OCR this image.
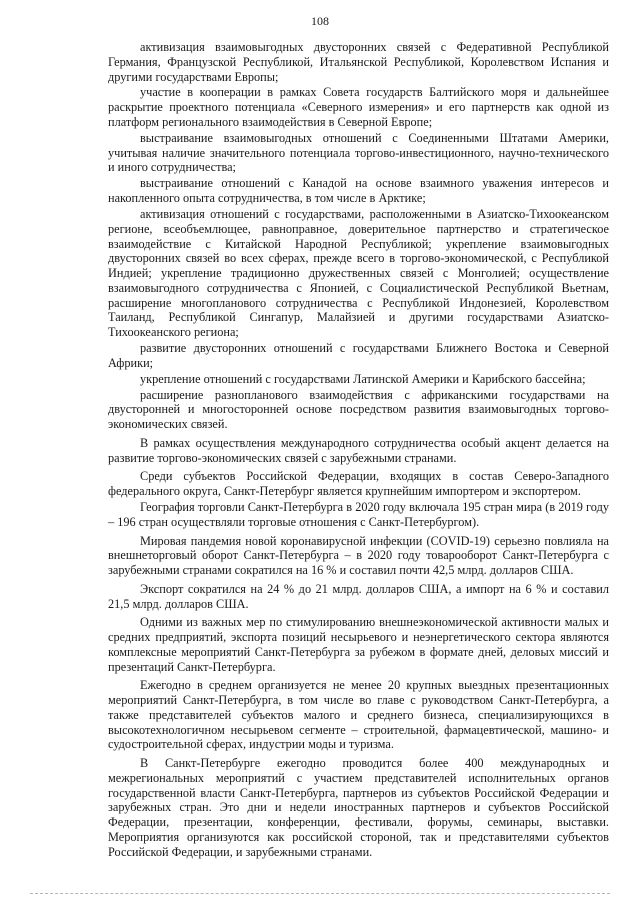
108

активизация взаимовыгодных двусторонних связей с Федеративной Республикой Германия, Французской Республикой, Итальянской Республикой, Королевством Испания и другими государствами Европы;

участие в кооперации в рамках Совета государств Балтийского моря и дальнейшее раскрытие проектного потенциала «Северного измерения» и его партнерств как одной из платформ регионального взаимодействия в Северной Европе;

выстраивание взаимовыгодных отношений с Соединенными Штатами Америки, учитывая наличие значительного потенциала торгово-инвестиционного, научно-технического и иного сотрудничества;

выстраивание отношений с Канадой на основе взаимного уважения интересов и накопленного опыта сотрудничества, в том числе в Арктике;

активизация отношений с государствами, расположенными в Азиатско-Тихоокеанском регионе, всеобъемлющее, равноправное, доверительное партнерство и стратегическое взаимодействие с Китайской Народной Республикой; укрепление взаимовыгодных двусторонних связей во всех сферах, прежде всего в торгово-экономической, с Республикой Индией; укрепление традиционно дружественных связей с Монголией; осуществление взаимовыгодного сотрудничества с Японией, с Социалистической Республикой Вьетнам, расширение многопланового сотрудничества с Республикой Индонезией, Королевством Таиланд, Республикой Сингапур, Малайзией и другими государствами Азиатско-Тихоокеанского региона;

развитие двусторонних отношений с государствами Ближнего Востока и Северной Африки;

укрепление отношений с государствами Латинской Америки и Карибского бассейна;

расширение разнопланового взаимодействия с африканскими государствами на двусторонней и многосторонней основе посредством развития взаимовыгодных торгово-экономических связей.

В рамках осуществления международного сотрудничества особый акцент делается на развитие торгово-экономических связей с зарубежными странами.

Среди субъектов Российской Федерации, входящих в состав Северо-Западного федерального округа, Санкт-Петербург является крупнейшим импортером и экспортером.

География торговли Санкт-Петербурга в 2020 году включала 195 стран мира (в 2019 году – 196 стран осуществляли торговые отношения с Санкт-Петербургом).

Мировая пандемия новой коронавирусной инфекции (COVID-19) серьезно повлияла на внешнеторговый оборот Санкт-Петербурга – в 2020 году товарооборот Санкт-Петербурга с зарубежными странами сократился на 16 % и составил почти 42,5 млрд. долларов США.

Экспорт сократился на 24 % до 21 млрд. долларов США, а импорт на 6 % и составил 21,5 млрд. долларов США.

Одними из важных мер по стимулированию внешнеэкономической активности малых и средних предприятий, экспорта позиций несырьевого и неэнергетического сектора являются комплексные мероприятий Санкт-Петербурга за рубежом в формате дней, деловых миссий и презентаций Санкт-Петербурга.

Ежегодно в среднем организуется не менее 20 крупных выездных презентационных мероприятий Санкт-Петербурга, в том числе во главе с руководством Санкт-Петербурга, а также представителей субъектов малого и среднего бизнеса, специализирующихся в высокотехнологичном несырьевом сегменте – строительной, фармацевтической, машино- и судостроительной сферах, индустрии моды и туризма.

В Санкт-Петербурге ежегодно проводится более 400 международных и межрегиональных мероприятий с участием представителей исполнительных органов государственной власти Санкт-Петербурга, партнеров из субъектов Российской Федерации и зарубежных стран. Это дни и недели иностранных партнеров и субъектов Российской Федерации, презентации, конференции, фестивали, форумы, семинары, выставки. Мероприятия организуются как российской стороной, так и представителями субъектов Российской Федерации, и зарубежными странами.
